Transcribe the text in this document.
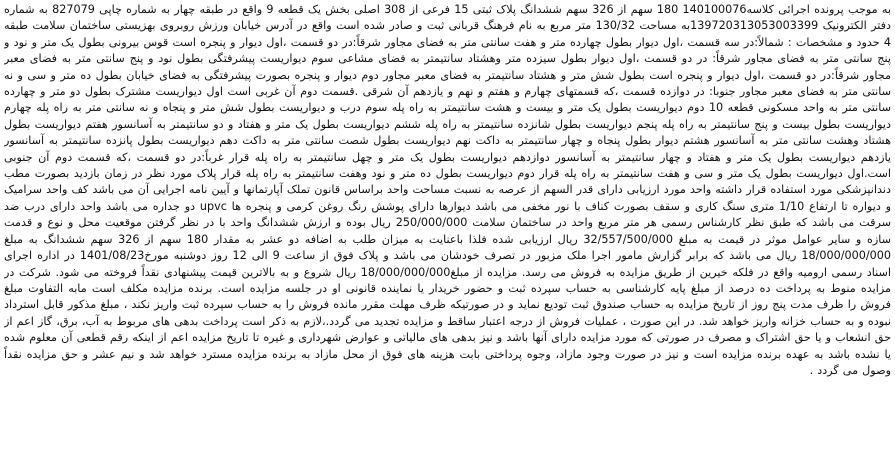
به موجب پرونده اجرائی کلاسه140100076 180 سهم از 326 سهم ششدانگ پلاک ثبتی 15 فرعی از 308 اصلی بخش یک قطعه 9 واقع در طبقه چهار به شماره چاپی 827079 به شماره دفتر الکترونیک 139720313053003399به مساحت 130/32 متر مربع به نام فرهنگ قربانی ثبت و صادر شده است واقع در آدرس خیابان ورزش روبروی بهزیستی ساختمان سلامت طبقه 4 حدود و مشخصات : شمالاً:در سه قسمت ،اول دیوار بطول چهارده متر و هفت سانتی متر به فضای مجاور شرقاً:در دو قسمت ،اول دیوار و پنجره است قوس بیرونی بطول یک متر و نود و پنج سانتی متر به فضای مجاور شرقاً: در دو قسمت ،اول دیوار بطول سیزده متر وهشتاد سانتیمتر به فضای مشاعی سوم دیواریست پیشرفتگی بطول نود و پنج سانتی متر به فضای معبر مجاور شرقاً:در دو قسمت ،اول دیوار و پنجره است بطول شش متر و هشتاد سانتیمتر به فضای معبر مجاور دوم دیوار و پنجره بصورت پیشرفتگی به فضای خیابان بطول ده متر و سی و نه سانتی متر به فضای معبر مجاور جنوبا: در دوازده قسمت ،که قسمتهای چهارم و هفتم و نهم و یازدهم آن شرقی .قسمت دوم آن غربی است اول دیواریست مشترک بطول دو متر و چهارده سانتی متر به واحد مسکونی قطعه 10 دوم دیواریست بطول یک متر و بیست و هشت سانتیمتر به راه پله سوم درب و دیواریست بطول شش متر و پنجاه و نه سانتی متر به راه پله چهارم دیواریست بطول بیست و پنج سانتیمتر به راه پله پنجم دیواریست بطول شانزده سانتیمتر به راه پله ششم دیواریست بطول یک متر و هفتاد و دو سانتیمتر به آسانسور هفتم دیواریست بطول هشتاد وهشت سانتی متر به آسانسور هشتم دیوار بطول پنجاه و چهار سانتیمتر به داکت نهم دیواریست بطول شصت سانتی متر به داکت دهم دیواریست بطول پانزده سانتیمتر به آسانسور یازدهم دیواریست بطول یک متر و هفتاد و چهار سانتیمتر به آسانسور دوازدهم دیواریست بطول یک متر و چهل سانتیمتر به راه پله قرار غرباً:در دو قسمت ،که قسمت دوم آن جنوبی است.اول دیواریست بطول یک متر و سی و هفت سانتیمتر به راه پله قرار دوم دیواریست بطول ده متر و نود وهفت سانتیمتر به راه پله قرار پلاک مورد نظر در زمان بازدید بصورت مطب دندانپزشکی مورد استفاده قرار داشته واحد مورد ارزیابی دارای قدر السهم از عرصه به نسبت مساحت واحد براساس قانون تملک آپارتمانها و آیین نامه اجرایی آن می باشد کف واحد سرامیک و دیواره تا ارتفاع 1/10 متری سنگ کاری و سقف بصورت کناف با نور مخفی می باشد دیوارها دارای پوشش رنگ روغن کرمی و پنجره ها upvc دو جداره می باشد واحد دارای درب ضد سرقت می باشد که طبق نظر کارشناس رسمی هر متر مربع واحد در ساختمان سلامت 250/000/000 ریال بوده و ارزش ششدانگ واحد با در نظر گرفتن موقعیت محل و نوع و قدمت سازه و سایر عوامل موثر در قیمت به مبلغ 32/557/500/000 ریال ارزیابی شده فلذا باعنایت به میزان طلب به اضافه دو عشر به مقدار 180 سهم از 326 سهم ششدانگ به مبلغ 18/000/000/000 ریال می باشد که برابر گزارش مامور اجرا ملک مزبور در تصرف خودشان می باشد و پلاک فوق از ساعت 9 الی 12 روز دوشنبه مورخ1401/08/23 در اداره اجرای اسناد رسمی ارومیه واقع در فلکه خیرین از طریق مزایده به فروش می رسد. مزایده از مبلغ18/000/000/000 ریال شروع و به بالاترین قیمت پیشنهادی نقداً فروخته می شود. شرکت در مزایده منوط به پرداخت ده درصد از مبلغ پایه کارشناسی به حساب سپرده ثبت و حضور خریدار یا نماینده قانونی او در جلسه مزایده است. برنده مزایده مکلف است مابه التفاوت مبلغ فروش را ظرف مدت پنج روز از تاریخ مزایده به حساب صندوق ثبت تودیع نماید و در صورتیکه ظرف مهلت مقرر مانده فروش را به حساب سپرده ثبت واریز نکند ، مبلغ مذکور قابل استرداد نبوده و به حساب خزانه واریز خواهد شد. در این صورت ، عملیات فروش از درجه اعتبار ساقط و مزایده تجدید می گردد.،لازم به ذکر است پرداخت بدهی های مربوط به آب، برق، گاز اعم از حق انشعاب و یا حق اشتراک و مصرف در صورتی که مورد مزایده دارای آنها باشد و نیز بدهی های مالیاتی و عوارض شهرداری و غیره تا تاریخ مزایده اعم از اینکه رقم قطعی آن معلوم شده یا نشده باشد به عهده برنده مزایده است و نیز در صورت وجود مازاد، وجوه پرداختی بابت هزینه های فوق از محل مازاد به برنده مزایده مسترد خواهد شد و نیم عشر و حق مزایده نقداً وصول می گردد .
